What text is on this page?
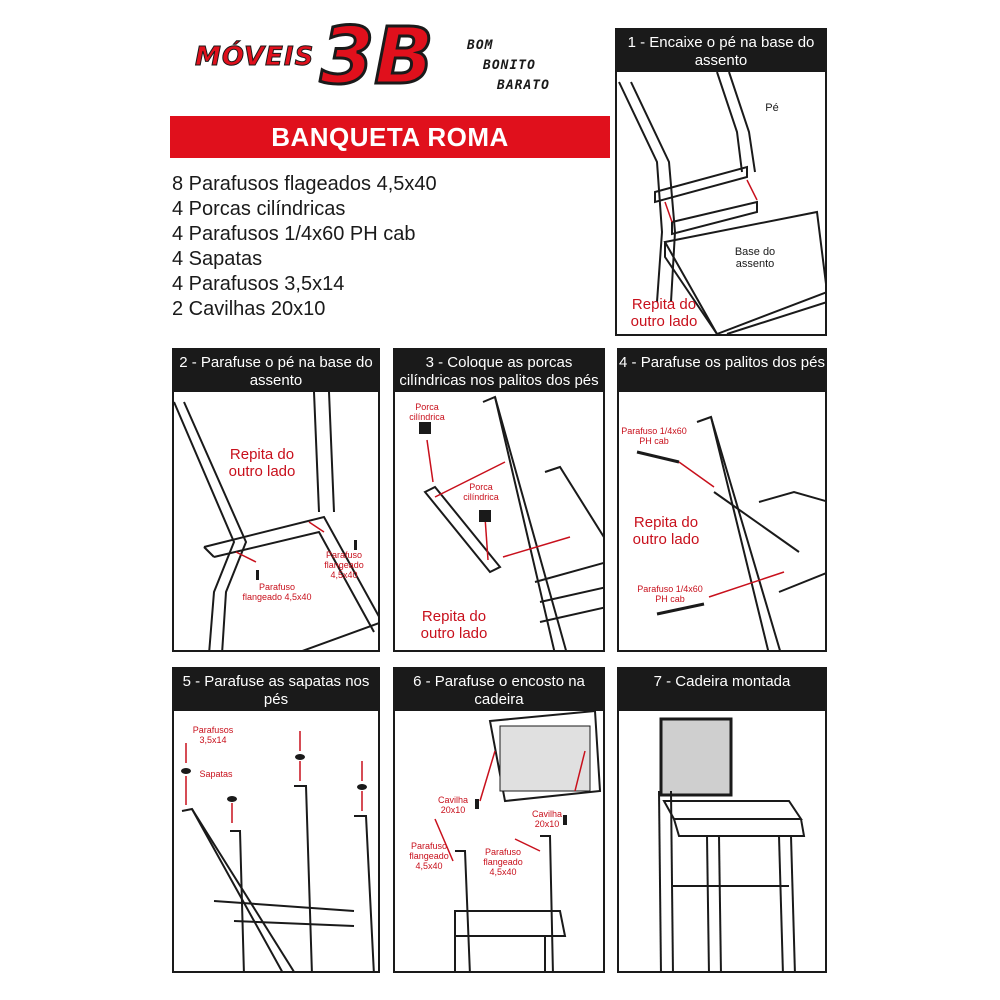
MÓVEIS 3B	BOM
BONITO
BARATO
BANQUETA ROMA
8 Parafusos flageados 4,5x40
4 Porcas cilíndricas
4 Parafusos 1/4x60 PH cab
4 Sapatas
4 Parafusos 3,5x14
2 Cavilhas 20x10
1 - Encaixe o pé na base do assento
Pé
Base do assento
Repita do outro lado
2 - Parafuse o pé na base do assento
Repita do outro lado
Parafuso flangeado 4,5x40
Parafuso flangeado 4,5x40
3 - Coloque as porcas cilíndricas nos palitos dos pés
Porca cilíndrica
Porca cilíndrica
Repita do outro lado
4 - Parafuse os palitos dos pés
Parafuso 1/4x60 PH cab
Repita do outro lado
Parafuso 1/4x60 PH cab
5 - Parafuse as sapatas nos pés
Parafusos 3,5x14
Sapatas
6 - Parafuse o encosto na cadeira
Cavilha 20x10	Cavilha 20x10
Parafuso flangeado 4,5x40
Parafuso flangeado 4,5x40
7 - Cadeira montada
